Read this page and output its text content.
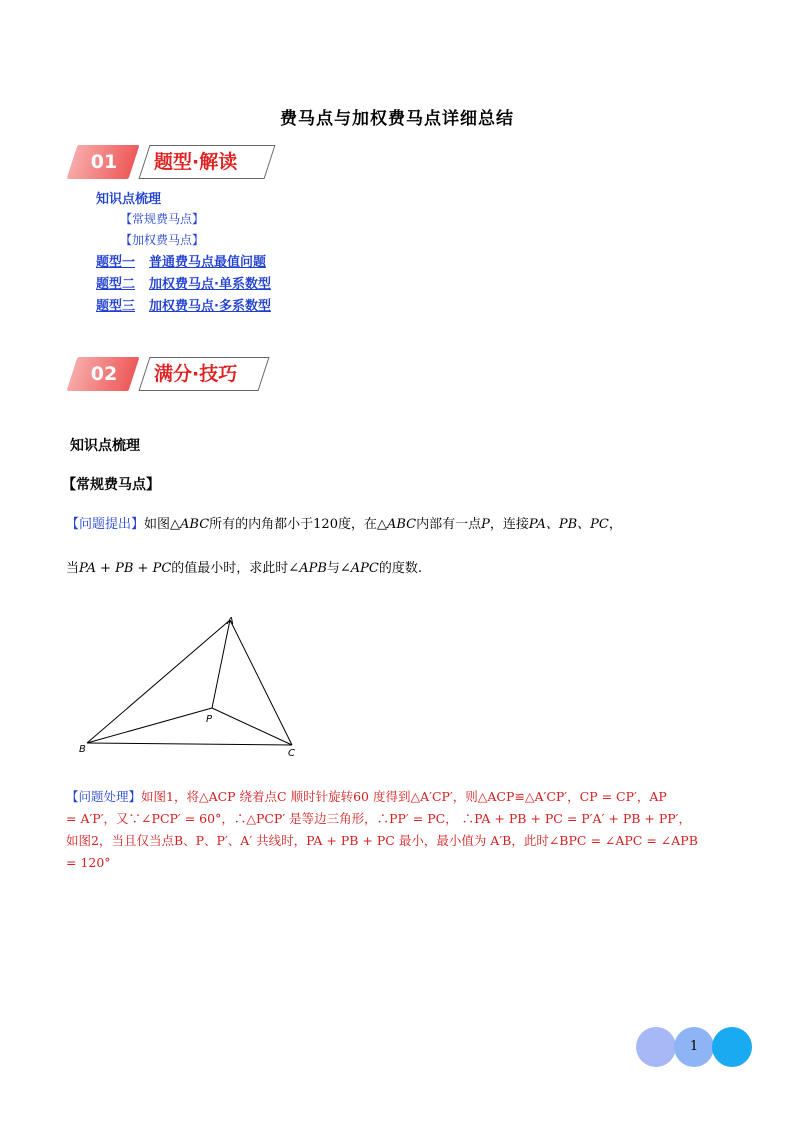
费马点与加权费马点详细总结
01	题型·解读
知识点梳理
【常规费马点】
【加权费马点】
题型一 普通费马点最值问题
题型二 加权费马点·单系数型
题型三 加权费马点·多系数型
02	满分·技巧
知识点梳理
【常规费马点】
【问题提出】如图△ABC所有的内角都小于120度，在△ABC内部有一点P，连接PA、PB、PC，
当PA + PB + PC的值最小时，求此时∠APB与∠APC的度数.
A
B	C
P
【问题处理】如图1，将△ACP 绕着点C 顺时针旋转60 度得到△A′CP′，则△ACP≌△A′CP′，CP = CP′，AP
= A′P′，又∵∠PCP′ = 60°，∴△PCP′ 是等边三角形，∴PP′ = PC， ∴PA + PB + PC = P′A′ + PB + PP′，
如图2，当且仅当点B、P、P′、A′ 共线时，PA + PB + PC 最小，最小值为 A′B，此时∠BPC = ∠APC = ∠APB
= 120°
1
